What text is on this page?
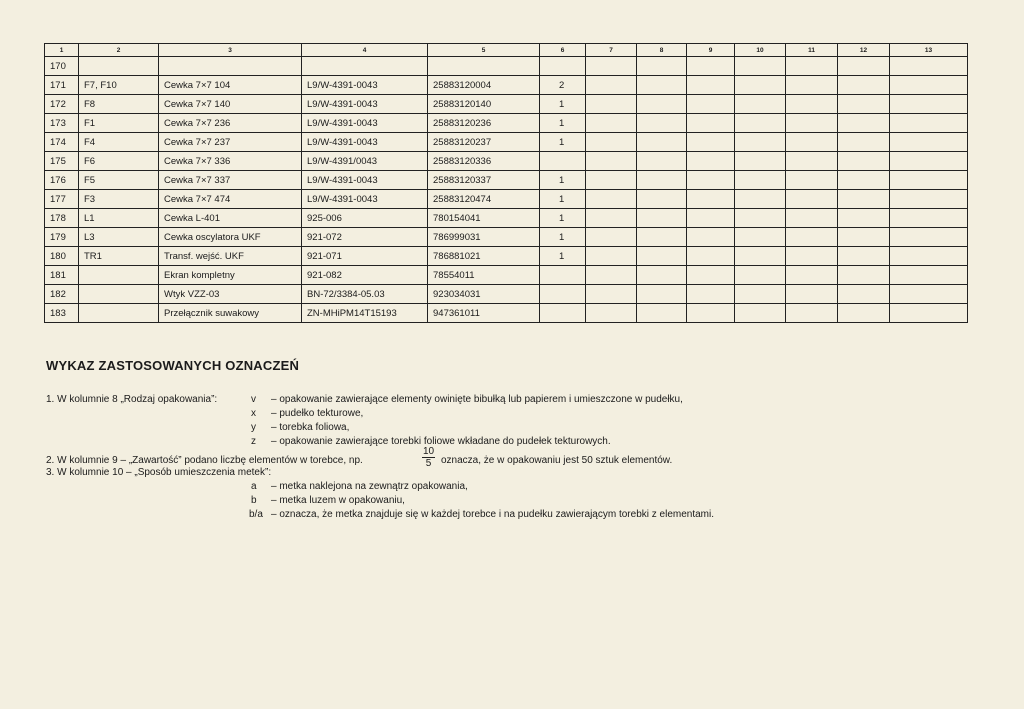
1	2	3	4	5	6	7	8	9	10	11	12	13
170												
171	F7, F10	Cewka 7×7 104	L9/W-4391-0043	25883120004	2							
172	F8	Cewka 7×7 140	L9/W-4391-0043	25883120140	1							
173	F1	Cewka 7×7 236	L9/W-4391-0043	25883120236	1							
174	F4	Cewka 7×7 237	L9/W-4391-0043	25883120237	1							
175	F6	Cewka 7×7 336	L9/W-4391/0043	25883120336								
176	F5	Cewka 7×7 337	L9/W-4391-0043	25883120337	1							
177	F3	Cewka 7×7 474	L9/W-4391-0043	25883120474	1							
178	L1	Cewka L-401	925-006	780154041	1							
179	L3	Cewka oscylatora UKF	921-072	786999031	1							
180	TR1	Transf. wejść. UKF	921-071	786881021	1							
181		Ekran kompletny	921-082	78554011								
182		Wtyk VZZ-03	BN-72/3384-05.03	923034031								
183		Przełącznik suwakowy	ZN-MHiPM14T15193	947361011								
WYKAZ ZASTOSOWANYCH OZNACZEŃ
1. W kolumnie 8 „Rodzaj opakowania”:	v – opakowanie zawierające elementy owinięte bibułką lub papierem i umieszczone w pudełku,
x – pudełko tekturowe,
y – torebka foliowa,
z – opakowanie zawierające torebki foliowe wkładane do pudełek tekturowych.
2. W kolumnie 9 – „Zawartość” podano liczbę elementów w torebce, np.	$\frac{10}{5}$ oznacza, że w opakowaniu jest 50 sztuk elementów.
3. W kolumnie 10 – „Sposób umieszczenia metek”:
a – metka naklejona na zewnątrz opakowania,
b – metka luzem w opakowaniu,
b/a – oznacza, że metka znajduje się w każdej torebce i na pudełku zawierającym torebki z elementami.
